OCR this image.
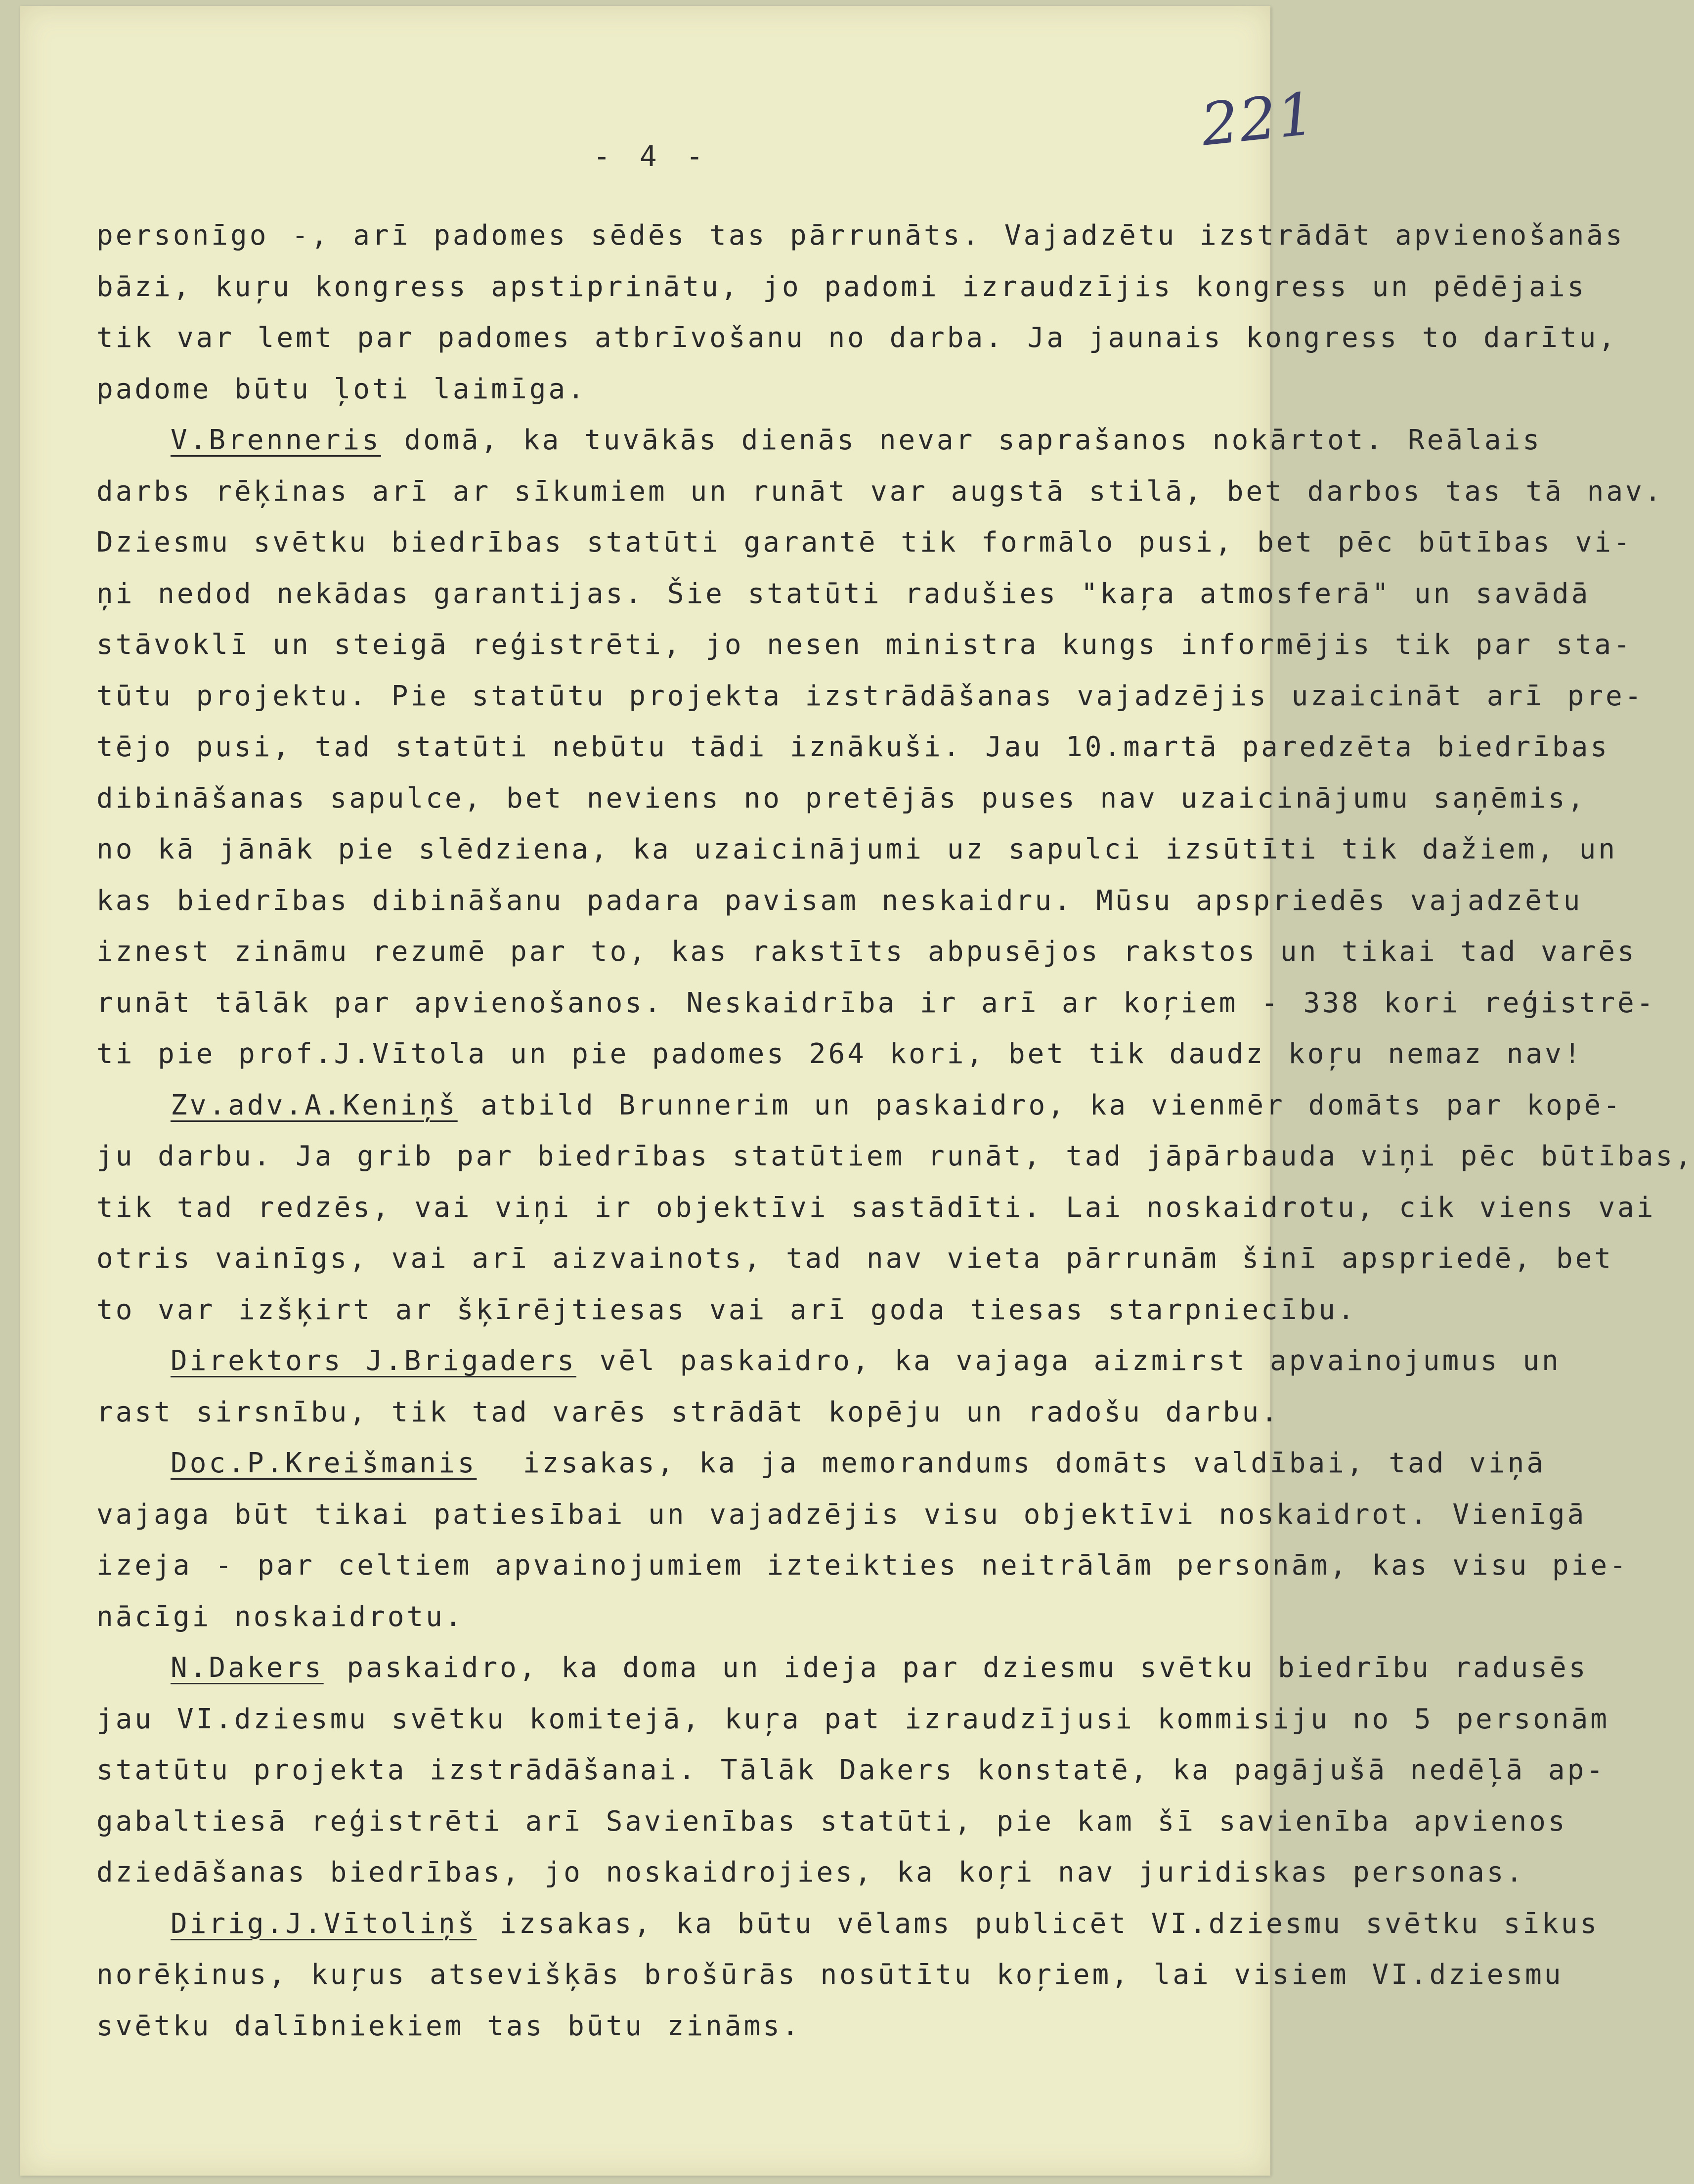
221
- 4 -
personīgo -, arī padomes sēdēs tas pārrunāts. Vajadzētu izstrādāt apvienošanās
bāzi, kuŗu kongress apstiprinātu, jo padomi izraudzījis kongress un pēdējais
tik var lemt par padomes atbrīvošanu no darba. Ja jaunais kongress to darītu,
padome būtu ļoti laimīga.
V.Brenneris domā, ka tuvākās dienās nevar saprašanos nokārtot. Reālais
darbs rēķinas arī ar sīkumiem un runāt var augstā stilā, bet darbos tas tā nav.
Dziesmu svētku biedrības statūti garantē tik formālo pusi, bet pēc būtības vi-
ņi nedod nekādas garantijas. Šie statūti radušies "kaŗa atmosferā" un savādā
stāvoklī un steigā reģistrēti, jo nesen ministra kungs informējis tik par sta-
tūtu projektu. Pie statūtu projekta izstrādāšanas vajadzējis uzaicināt arī pre-
tējo pusi, tad statūti nebūtu tādi iznākuši. Jau 10.martā paredzēta biedrības
dibināšanas sapulce, bet neviens no pretējās puses nav uzaicinājumu saņēmis,
no kā jānāk pie slēdziena, ka uzaicinājumi uz sapulci izsūtīti tik dažiem, un
kas biedrības dibināšanu padara pavisam neskaidru. Mūsu apspriedēs vajadzētu
iznest zināmu rezumē par to, kas rakstīts abpusējos rakstos un tikai tad varēs
runāt tālāk par apvienošanos. Neskaidrība ir arī ar koŗiem - 338 kori reģistrē-
ti pie prof.J.Vītola un pie padomes 264 kori, bet tik daudz koŗu nemaz nav!
Zv.adv.A.Keniņš atbild Brunnerim un paskaidro, ka vienmēr domāts par kopē-
ju darbu. Ja grib par biedrības statūtiem runāt, tad jāpārbauda viņi pēc būtības,
tik tad redzēs, vai viņi ir objektīvi sastādīti. Lai noskaidrotu, cik viens vai
otris vainīgs, vai arī aizvainots, tad nav vieta pārrunām šinī apspriedē, bet
to var izšķirt ar šķīrējtiesas vai arī goda tiesas starpniecību.
Direktors J.Brigaders vēl paskaidro, ka vajaga aizmirst apvainojumus un
rast sirsnību, tik tad varēs strādāt kopēju un radošu darbu.
Doc.P.Kreišmanis  izsakas, ka ja memorandums domāts valdībai, tad viņā
vajaga būt tikai patiesībai un vajadzējis visu objektīvi noskaidrot. Vienīgā
izeja - par celtiem apvainojumiem izteikties neitrālām personām, kas visu pie-
nācīgi noskaidrotu.
N.Dakers paskaidro, ka doma un ideja par dziesmu svētku biedrību radusēs
jau VI.dziesmu svētku komitejā, kuŗa pat izraudzījusi kommisiju no 5 personām
statūtu projekta izstrādāšanai. Tālāk Dakers konstatē, ka pagājušā nedēļā ap-
gabaltiesā reģistrēti arī Savienības statūti, pie kam šī savienība apvienos
dziedāšanas biedrības, jo noskaidrojies, ka koŗi nav juridiskas personas.
Dirig.J.Vītoliņš izsakas, ka būtu vēlams publicēt VI.dziesmu svētku sīkus
norēķinus, kuŗus atsevišķās brošūrās nosūtītu koŗiem, lai visiem VI.dziesmu
svētku dalībniekiem tas būtu zināms.
